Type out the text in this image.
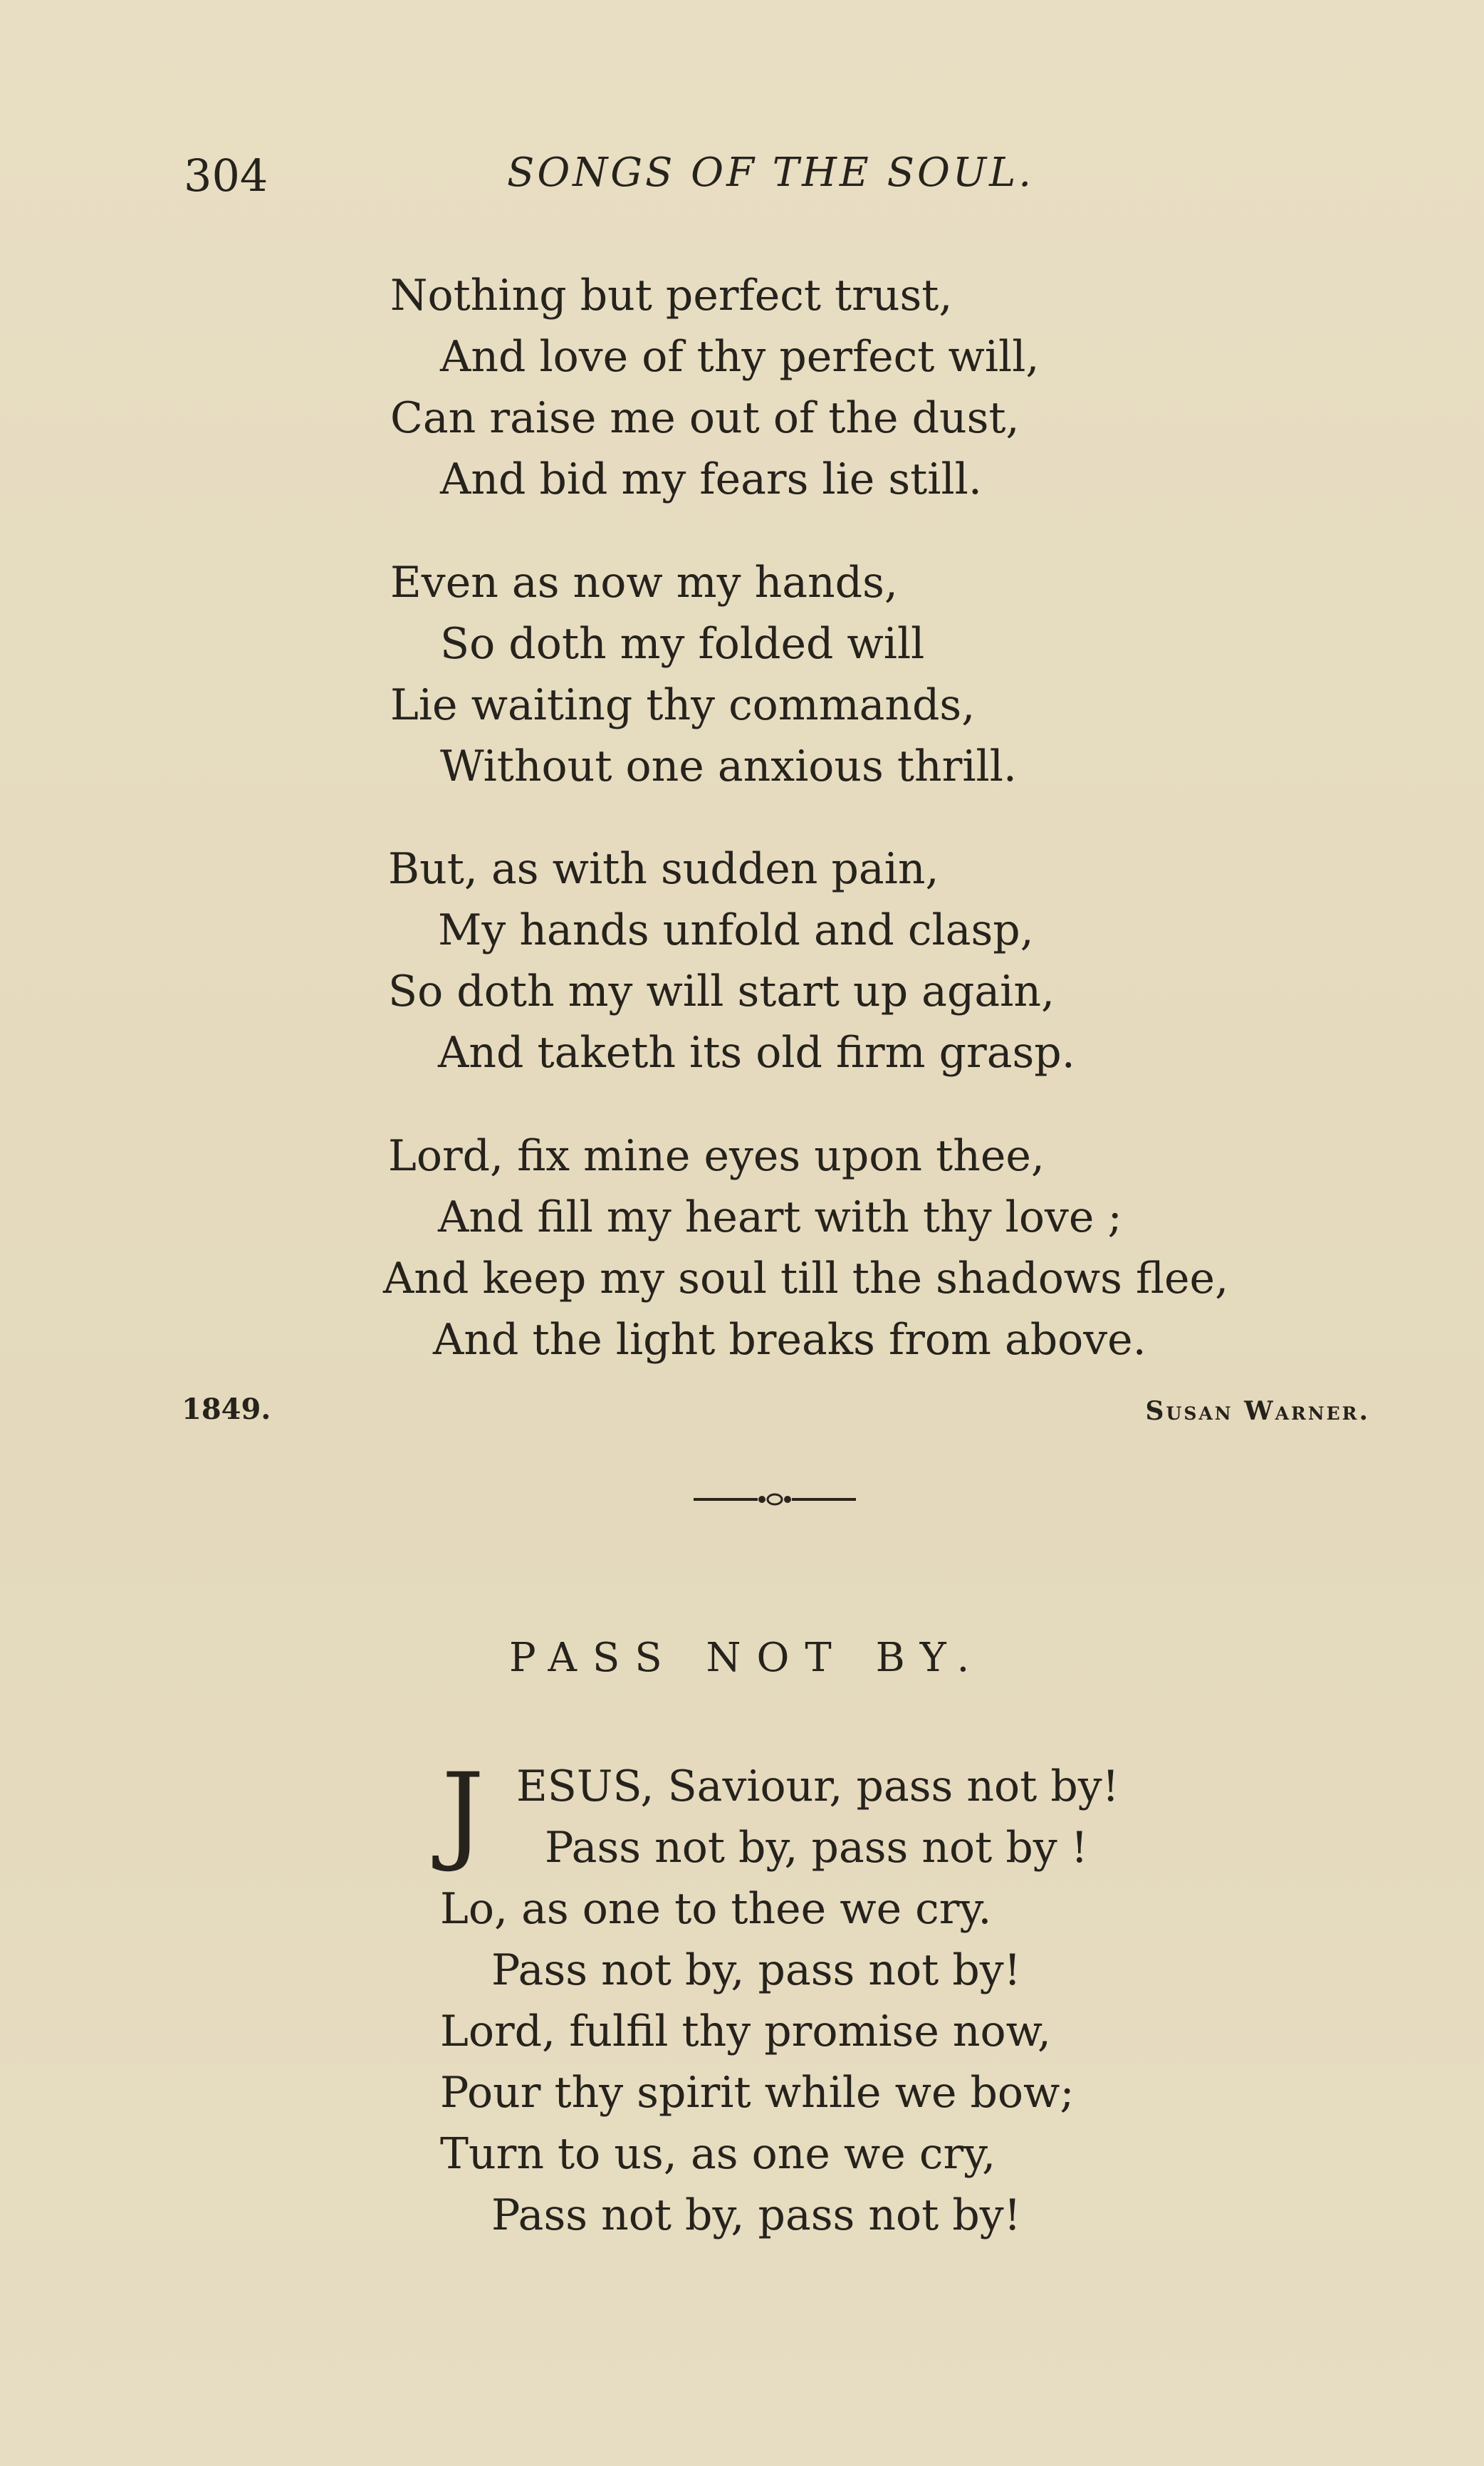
304	SONGS OF THE SOUL.
Nothing but perfect trust,
And love of thy perfect will,
Can raise me out of the dust,
And bid my fears lie still.
Even as now my hands,
So doth my folded will
Lie waiting thy commands,
Without one anxious thrill.
But, as with sudden pain,
My hands unfold and clasp,
So doth my will start up again,
And taketh its old firm grasp.
Lord, fix mine eyes upon thee,
And fill my heart with thy love ;
And keep my soul till the shadows flee,
And the light breaks from above.
1849.	Susan Warner.
PASS NOT BY.
J ESUS, Saviour, pass not by!
Pass not by, pass not by !
Lo, as one to thee we cry.
Pass not by, pass not by!
Lord, fulfil thy promise now,
Pour thy spirit while we bow;
Turn to us, as one we cry,
Pass not by, pass not by!
